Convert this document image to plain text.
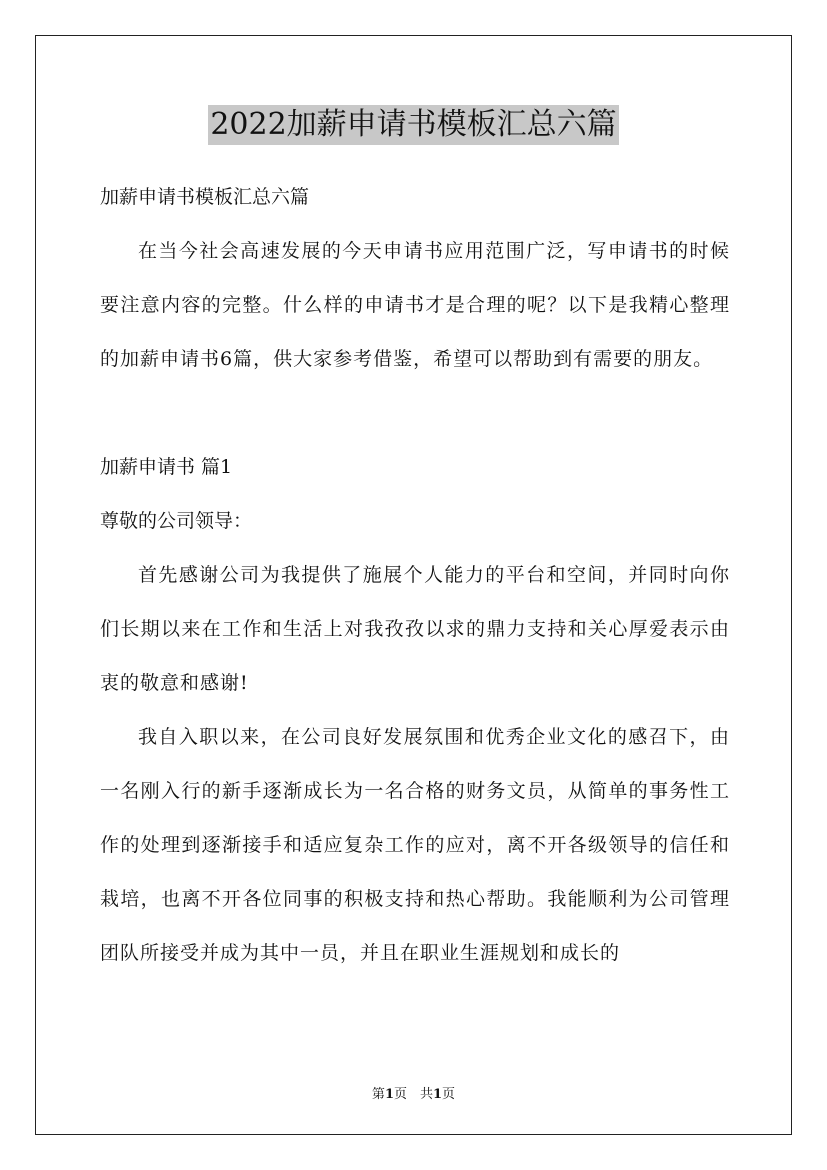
2022加薪申请书模板汇总六篇
加薪申请书模板汇总六篇

在当今社会高速发展的今天申请书应用范围广泛，写申请书的时候要注意内容的完整。什么样的申请书才是合理的呢？以下是我精心整理的加薪申请书6篇，供大家参考借鉴，希望可以帮助到有需要的朋友。

加薪申请书 篇1
尊敬的公司领导：

首先感谢公司为我提供了施展个人能力的平台和空间，并同时向你们长期以来在工作和生活上对我孜孜以求的鼎力支持和关心厚爱表示由衷的敬意和感谢!

我自入职以来，在公司良好发展氛围和优秀企业文化的感召下，由一名刚入行的新手逐渐成长为一名合格的财务文员，从简单的事务性工作的处理到逐渐接手和适应复杂工作的应对，离不开各级领导的信任和栽培，也离不开各位同事的积极支持和热心帮助。我能顺利为公司管理团队所接受并成为其中一员，并且在职业生涯规划和成长的

第1页　共1页
